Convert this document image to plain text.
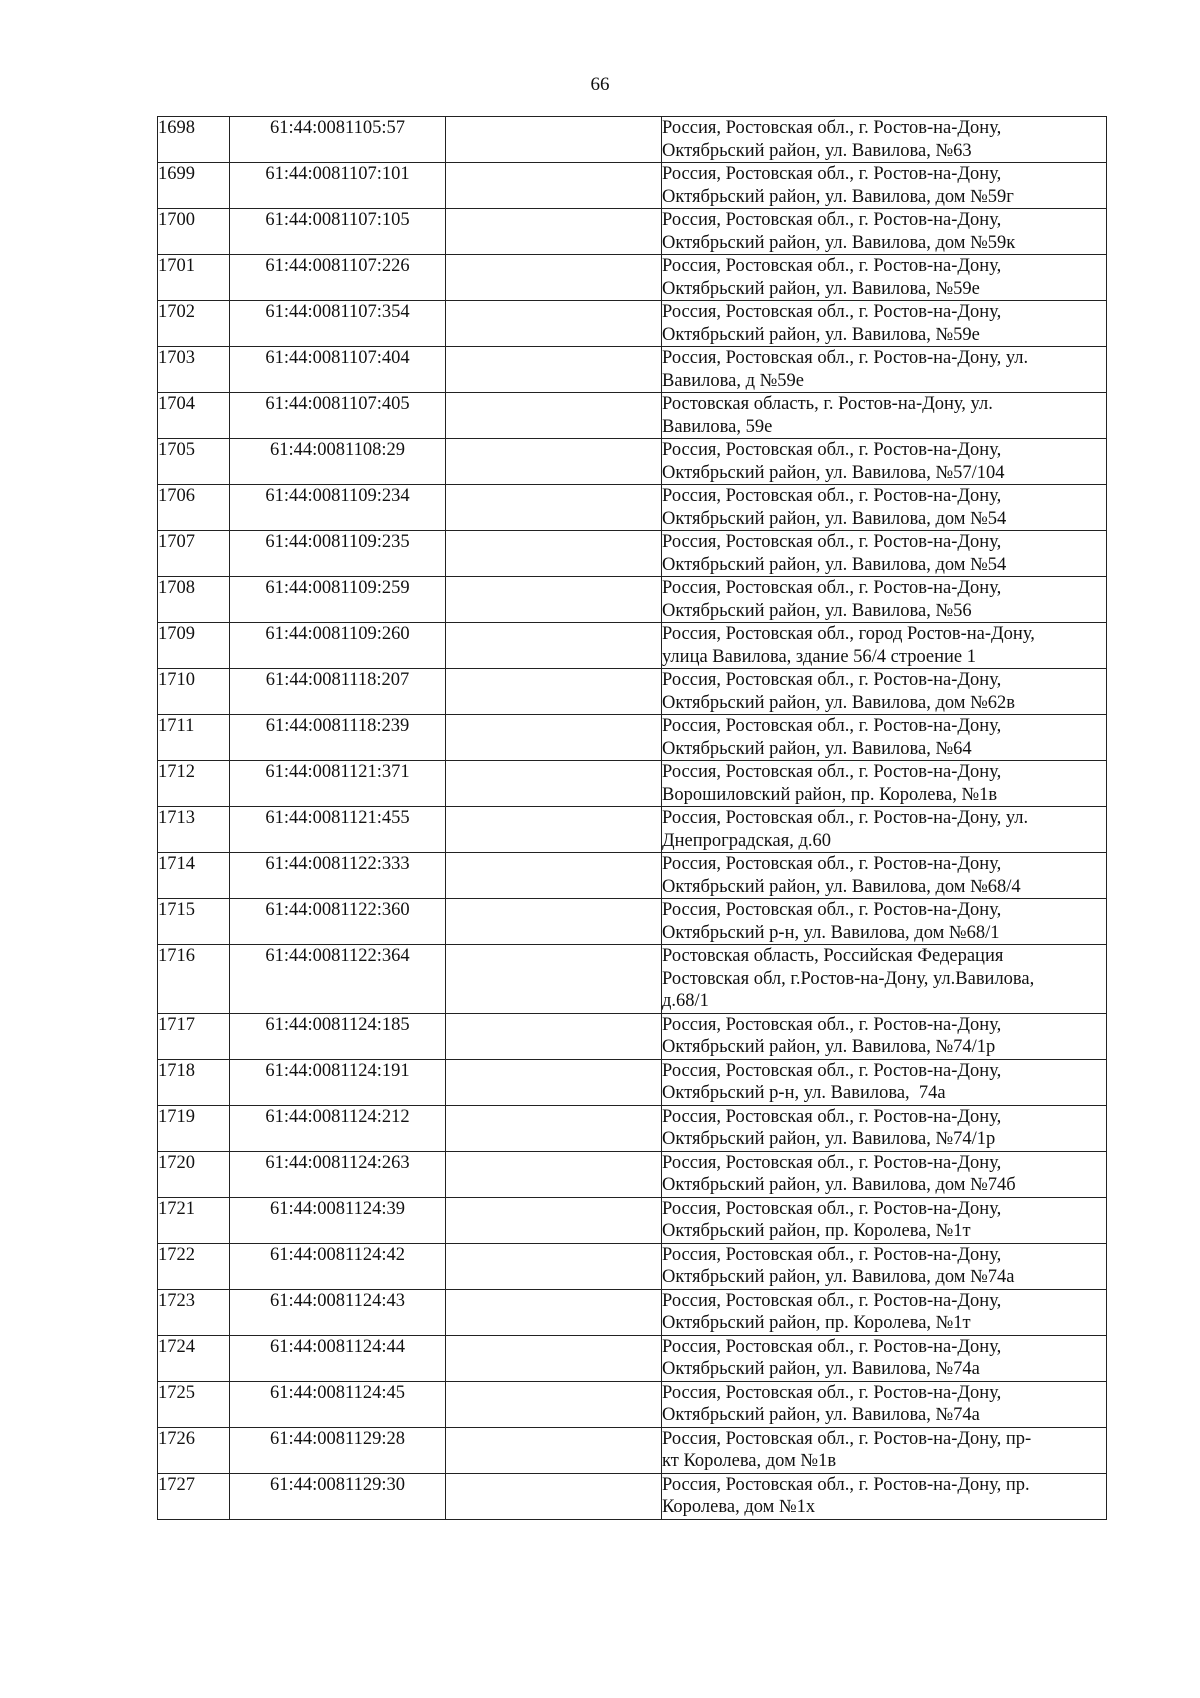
66
1698	61:44:0081105:57		Россия, Ростовская обл., г. Ростов-на-Дону,
Октябрьский район, ул. Вавилова, №63

1699	61:44:0081107:101		Россия, Ростовская обл., г. Ростов-на-Дону,
Октябрьский район, ул. Вавилова, дом №59г

1700	61:44:0081107:105		Россия, Ростовская обл., г. Ростов-на-Дону,
Октябрьский район, ул. Вавилова, дом №59к

1701	61:44:0081107:226		Россия, Ростовская обл., г. Ростов-на-Дону,
Октябрьский район, ул. Вавилова, №59е

1702	61:44:0081107:354		Россия, Ростовская обл., г. Ростов-на-Дону,
Октябрьский район, ул. Вавилова, №59е

1703	61:44:0081107:404		Россия, Ростовская обл., г. Ростов-на-Дону, ул.
Вавилова, д №59е

1704	61:44:0081107:405		Ростовская область, г. Ростов-на-Дону, ул.
Вавилова, 59е

1705	61:44:0081108:29		Россия, Ростовская обл., г. Ростов-на-Дону,
Октябрьский район, ул. Вавилова, №57/104

1706	61:44:0081109:234		Россия, Ростовская обл., г. Ростов-на-Дону,
Октябрьский район, ул. Вавилова, дом №54

1707	61:44:0081109:235		Россия, Ростовская обл., г. Ростов-на-Дону,
Октябрьский район, ул. Вавилова, дом №54

1708	61:44:0081109:259		Россия, Ростовская обл., г. Ростов-на-Дону,
Октябрьский район, ул. Вавилова, №56

1709	61:44:0081109:260		Россия, Ростовская обл., город Ростов-на-Дону,
улица Вавилова, здание 56/4 строение 1

1710	61:44:0081118:207		Россия, Ростовская обл., г. Ростов-на-Дону,
Октябрьский район, ул. Вавилова, дом №62в

1711	61:44:0081118:239		Россия, Ростовская обл., г. Ростов-на-Дону,
Октябрьский район, ул. Вавилова, №64

1712	61:44:0081121:371		Россия, Ростовская обл., г. Ростов-на-Дону,
Ворошиловский район, пр. Королева, №1в

1713	61:44:0081121:455		Россия, Ростовская обл., г. Ростов-на-Дону, ул.
Днепроградская, д.60

1714	61:44:0081122:333		Россия, Ростовская обл., г. Ростов-на-Дону,
Октябрьский район, ул. Вавилова, дом №68/4

1715	61:44:0081122:360		Россия, Ростовская обл., г. Ростов-на-Дону,
Октябрьский р-н, ул. Вавилова, дом №68/1

1716	61:44:0081122:364		Ростовская область, Российская Федерация
Ростовская обл, г.Ростов-на-Дону, ул.Вавилова,
д.68/1

1717	61:44:0081124:185		Россия, Ростовская обл., г. Ростов-на-Дону,
Октябрьский район, ул. Вавилова, №74/1р

1718	61:44:0081124:191		Россия, Ростовская обл., г. Ростов-на-Дону,
Октябрьский р-н, ул. Вавилова,  74а

1719	61:44:0081124:212		Россия, Ростовская обл., г. Ростов-на-Дону,
Октябрьский район, ул. Вавилова, №74/1р

1720	61:44:0081124:263		Россия, Ростовская обл., г. Ростов-на-Дону,
Октябрьский район, ул. Вавилова, дом №74б

1721	61:44:0081124:39		Россия, Ростовская обл., г. Ростов-на-Дону,
Октябрьский район, пр. Королева, №1т

1722	61:44:0081124:42		Россия, Ростовская обл., г. Ростов-на-Дону,
Октябрьский район, ул. Вавилова, дом №74а

1723	61:44:0081124:43		Россия, Ростовская обл., г. Ростов-на-Дону,
Октябрьский район, пр. Королева, №1т

1724	61:44:0081124:44		Россия, Ростовская обл., г. Ростов-на-Дону,
Октябрьский район, ул. Вавилова, №74а

1725	61:44:0081124:45		Россия, Ростовская обл., г. Ростов-на-Дону,
Октябрьский район, ул. Вавилова, №74а

1726	61:44:0081129:28		Россия, Ростовская обл., г. Ростов-на-Дону, пр-
кт Королева, дом №1в

1727	61:44:0081129:30		Россия, Ростовская обл., г. Ростов-на-Дону, пр.
Королева, дом №1х
